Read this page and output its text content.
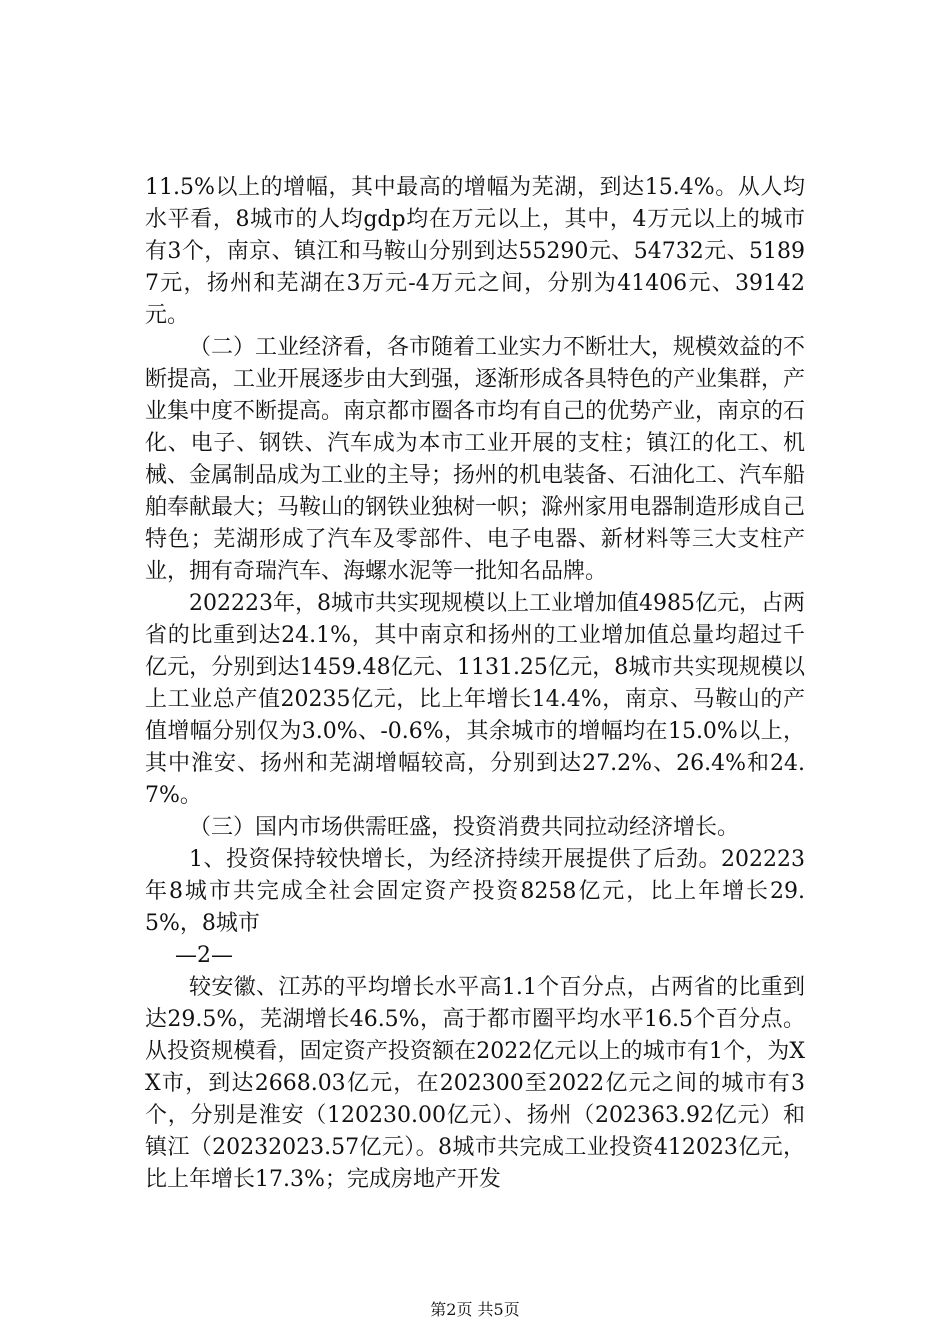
11.5%以上的增幅，其中最高的增幅为芜湖，到达15.4%。从人均水平看，8城市的人均gdp均在万元以上，其中，4万元以上的城市有3个，南京、镇江和马鞍山分别到达55290元、54732元、51897元，扬州和芜湖在3万元-4万元之间，分别为41406元、39142元。

（二）工业经济看，各市随着工业实力不断壮大，规模效益的不断提高，工业开展逐步由大到强，逐渐形成各具特色的产业集群，产业集中度不断提高。南京都市圈各市均有自己的优势产业，南京的石化、电子、钢铁、汽车成为本市工业开展的支柱；镇江的化工、机械、金属制品成为工业的主导；扬州的机电装备、石油化工、汽车船舶奉献最大；马鞍山的钢铁业独树一帜；滁州家用电器制造形成自己特色；芜湖形成了汽车及零部件、电子电器、新材料等三大支柱产业，拥有奇瑞汽车、海螺水泥等一批知名品牌。

202223年，8城市共实现规模以上工业增加值4985亿元，占两省的比重到达24.1%，其中南京和扬州的工业增加值总量均超过千亿元，分别到达1459.48亿元、1131.25亿元，8城市共实现规模以上工业总产值20235亿元，比上年增长14.4%，南京、马鞍山的产值增幅分别仅为3.0%、-0.6%，其余城市的增幅均在15.0%以上，其中淮安、扬州和芜湖增幅较高，分别到达27.2%、26.4%和24.7%。

（三）国内市场供需旺盛，投资消费共同拉动经济增长。

1、投资保持较快增长，为经济持续开展提供了后劲。202223年8城市共完成全社会固定资产投资8258亿元，比上年增长29.5%，8城市

—2—

较安徽、江苏的平均增长水平高1.1个百分点，占两省的比重到达29.5%，芜湖增长46.5%，高于都市圈平均水平16.5个百分点。从投资规模看，固定资产投资额在2022亿元以上的城市有1个，为XX市，到达2668.03亿元，在202300至2022亿元之间的城市有3个，分别是淮安（120230.00亿元）、扬州（202363.92亿元）和镇江（20232023.57亿元）。8城市共完成工业投资412023亿元，比上年增长17.3%；完成房地产开发

第2页 共5页
